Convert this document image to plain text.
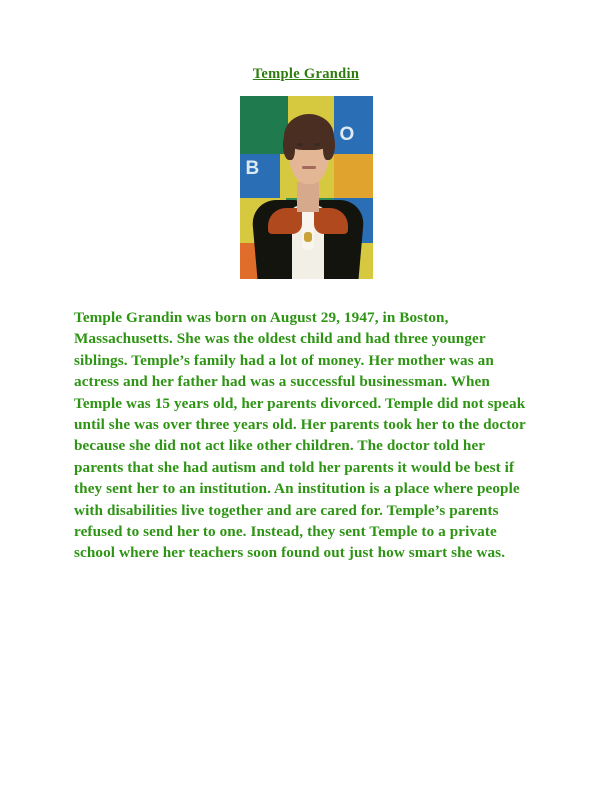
Temple Grandin
B
O

Temple Grandin was born on August 29, 1947, in Boston, Massachusetts. She was the oldest child and had three younger siblings. Temple’s family had a lot of money. Her mother was an actress and her father had was a successful businessman. When Temple was 15 years old, her parents divorced. Temple did not speak until she was over three years old. Her parents took her to the doctor because she did not act like other children. The doctor told her parents that she had autism and told her parents it would be best if they sent her to an institution. An institution is a place where people with disabilities live together and are cared for. Temple’s parents refused to send her to one. Instead, they sent Temple to a private school where her teachers soon found out just how smart she was.
